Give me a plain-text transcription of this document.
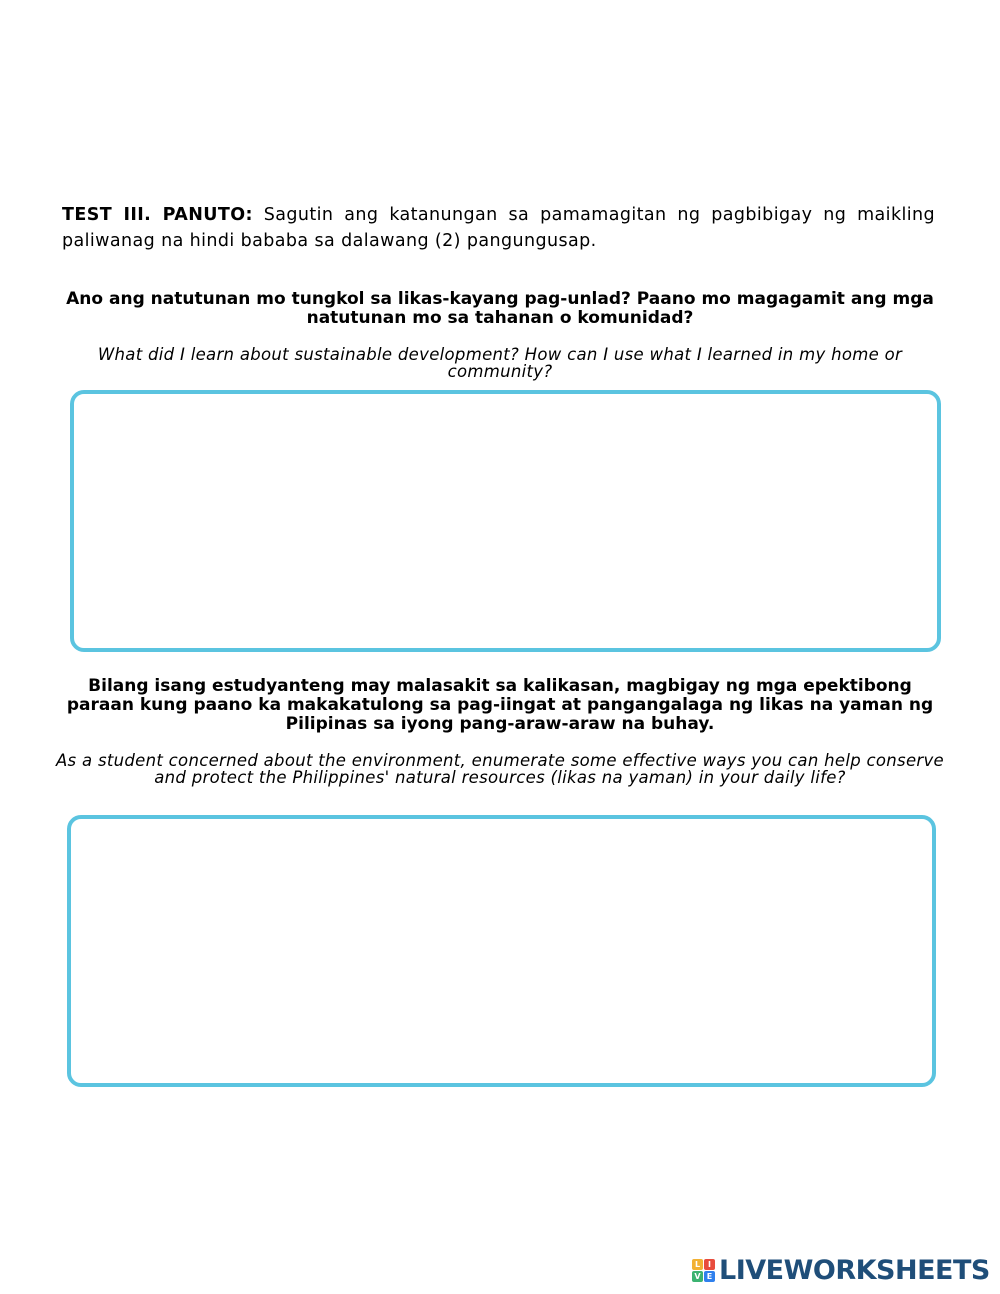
TEST III. PANUTO: Sagutin ang katanungan sa pamamagitan ng pagbibigay ng maikling paliwanag na hindi bababa sa dalawang (2) pangungusap.
Ano ang natutunan mo tungkol sa likas-kayang pag-unlad? Paano mo magagamit ang mga natutunan mo sa tahanan o komunidad?
What did I learn about sustainable development? How can I use what I learned in my home or community?
Bilang isang estudyanteng may malasakit sa kalikasan, magbigay ng mga epektibong paraan kung paano ka makakatulong sa pag-iingat at pangangalaga ng likas na yaman ng Pilipinas sa iyong pang-araw-araw na buhay.
As a student concerned about the environment, enumerate some effective ways you can help conserve and protect the Philippines' natural resources (likas na yaman) in your daily life?
L I
V E LIVEWORKSHEETS
